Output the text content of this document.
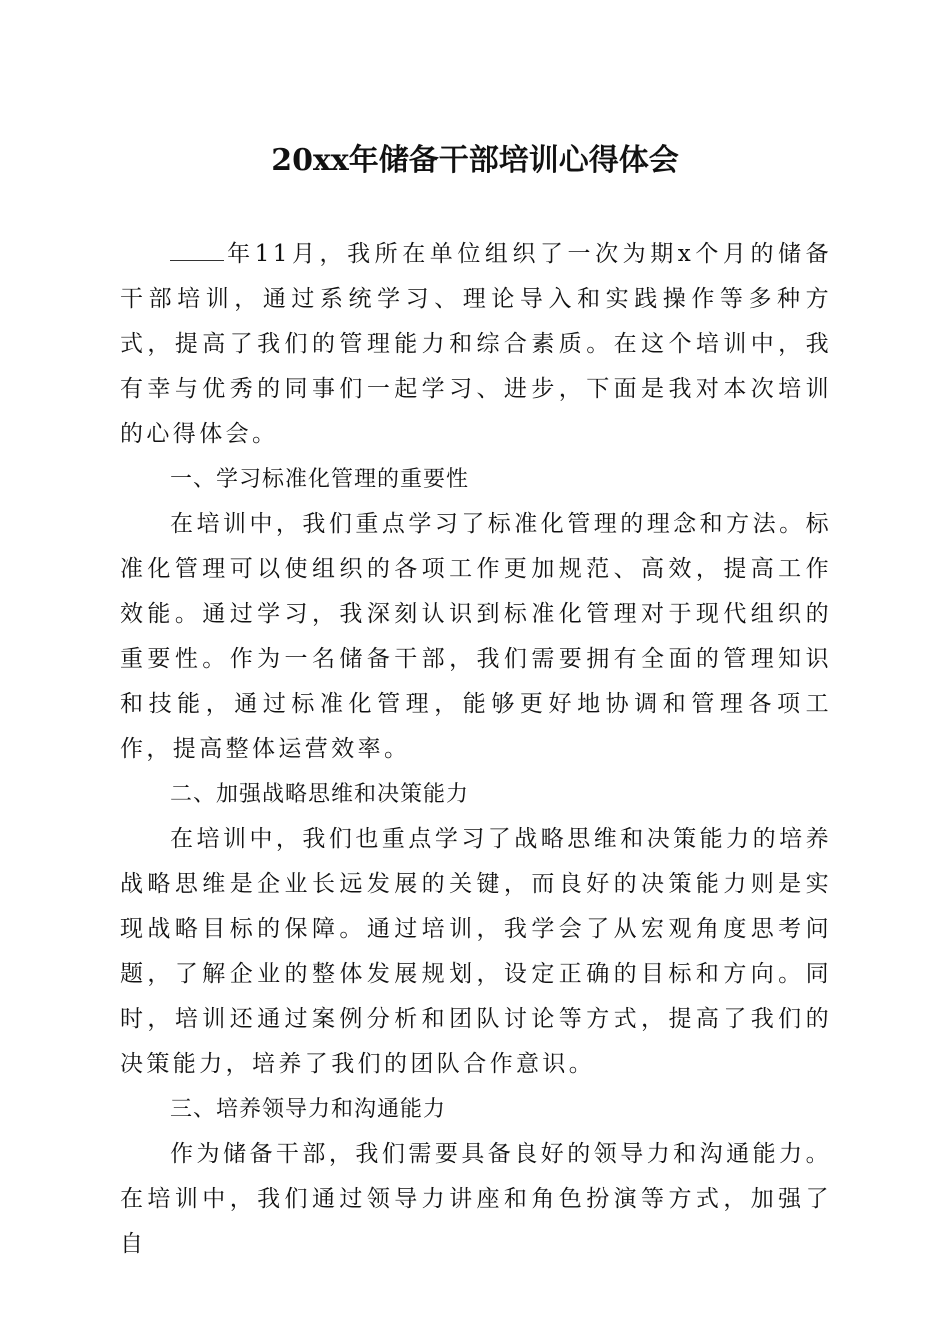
20xx年储备干部培训心得体会

年11月，我所在单位组织了一次为期x个月的储备干部培训，通过系统学习、理论导入和实践操作等多种方式，提高了我们的管理能力和综合素质。在这个培训中，我有幸与优秀的同事们一起学习、进步，下面是我对本次培训的心得体会。

一、学习标准化管理的重要性

在培训中，我们重点学习了标准化管理的理念和方法。标准化管理可以使组织的各项工作更加规范、高效，提高工作效能。通过学习，我深刻认识到标准化管理对于现代组织的重要性。作为一名储备干部，我们需要拥有全面的管理知识和技能，通过标准化管理，能够更好地协调和管理各项工作，提高整体运营效率。

二、加强战略思维和决策能力

在培训中，我们也重点学习了战略思维和决策能力的培养战略思维是企业长远发展的关键，而良好的决策能力则是实现战略目标的保障。通过培训，我学会了从宏观角度思考问题，了解企业的整体发展规划，设定正确的目标和方向。同时，培训还通过案例分析和团队讨论等方式，提高了我们的决策能力，培养了我们的团队合作意识。

三、培养领导力和沟通能力

作为储备干部，我们需要具备良好的领导力和沟通能力。在培训中，我们通过领导力讲座和角色扮演等方式，加强了自
